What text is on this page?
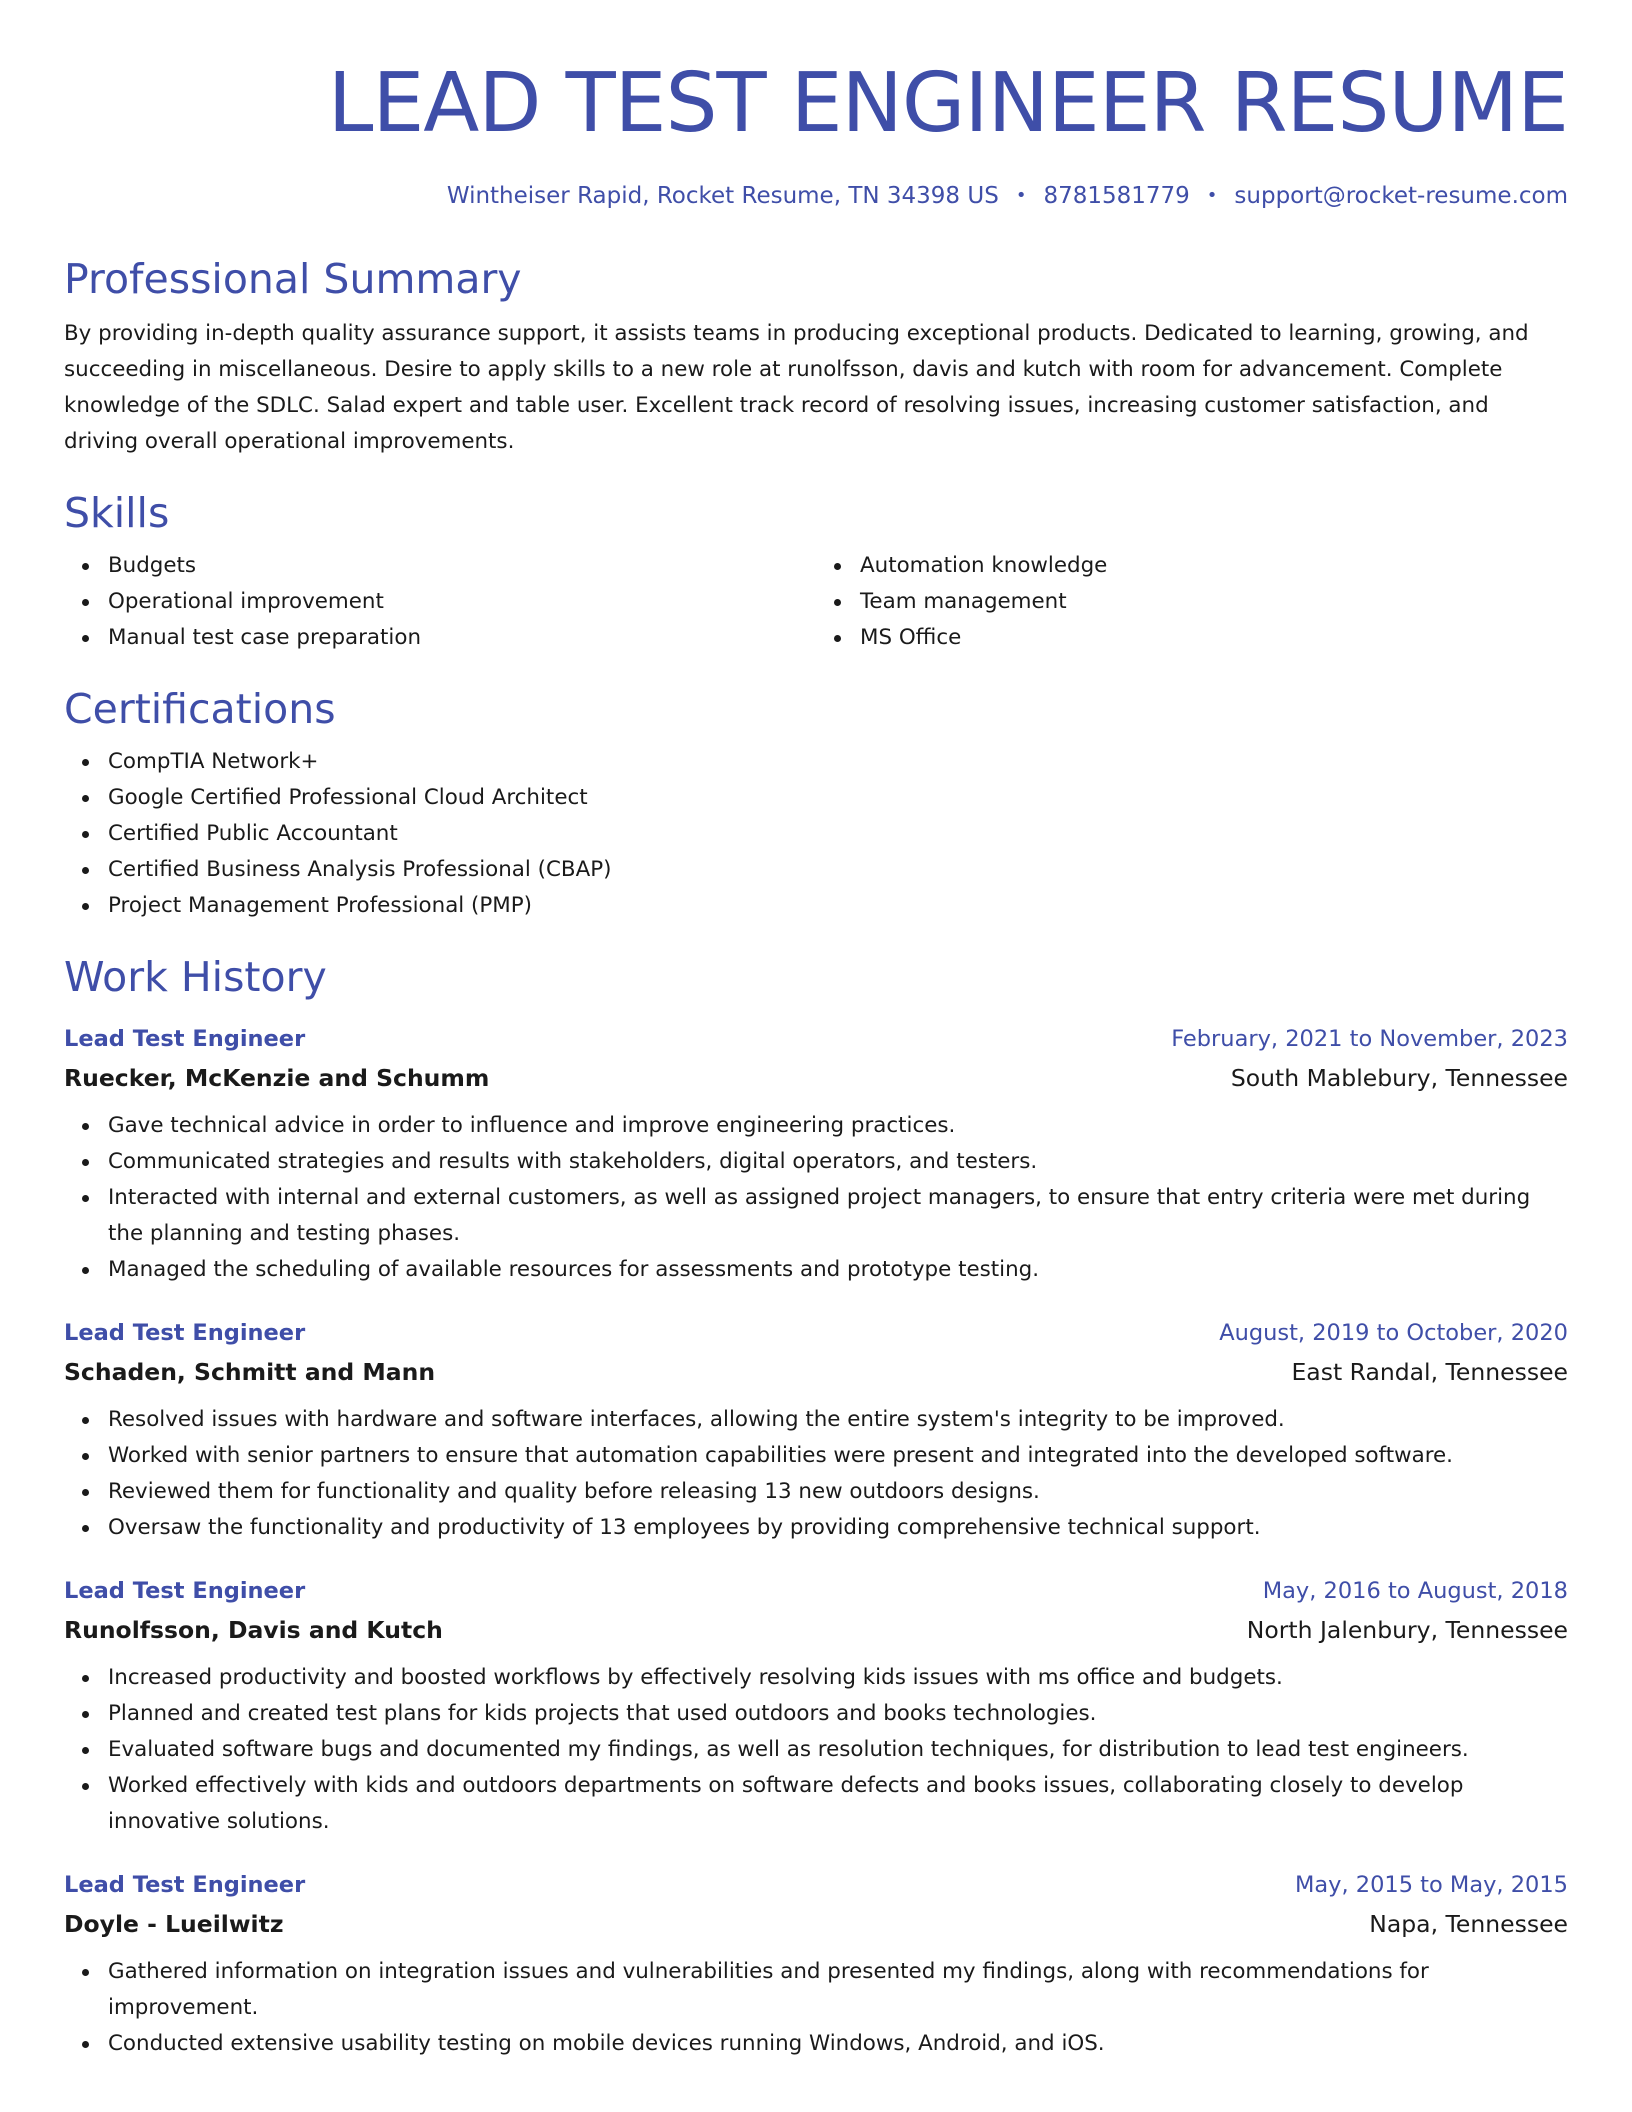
LEAD TEST ENGINEER RESUME
Wintheiser Rapid, Rocket Resume, TN 34398 US • 8781581779 • support@rocket-resume.com
Professional Summary

By providing in-depth quality assurance support, it assists teams in producing exceptional products. Dedicated to learning, growing, and succeeding in miscellaneous. Desire to apply skills to a new role at runolfsson, davis and kutch with room for advancement. Complete knowledge of the SDLC. Salad expert and table user. Excellent track record of resolving issues, increasing customer satisfaction, and driving overall operational improvements.

Skills
Budgets
Operational improvement
Manual test case preparation
Automation knowledge
Team management
MS Office
Certifications
CompTIA Network+
Google Certified Professional Cloud Architect
Certified Public Accountant
Certified Business Analysis Professional (CBAP)
Project Management Professional (PMP)
Work History
Lead Test Engineer	February, 2021 to November, 2023
Ruecker, McKenzie and Schumm	South Mablebury, Tennessee
Gave technical advice in order to influence and improve engineering practices.
Communicated strategies and results with stakeholders, digital operators, and testers.
Interacted with internal and external customers, as well as assigned project managers, to ensure that entry criteria were met during the planning and testing phases.
Managed the scheduling of available resources for assessments and prototype testing.
Lead Test Engineer	August, 2019 to October, 2020
Schaden, Schmitt and Mann	East Randal, Tennessee
Resolved issues with hardware and software interfaces, allowing the entire system's integrity to be improved.
Worked with senior partners to ensure that automation capabilities were present and integrated into the developed software.
Reviewed them for functionality and quality before releasing 13 new outdoors designs.
Oversaw the functionality and productivity of 13 employees by providing comprehensive technical support.
Lead Test Engineer	May, 2016 to August, 2018
Runolfsson, Davis and Kutch	North Jalenbury, Tennessee
Increased productivity and boosted workflows by effectively resolving kids issues with ms office and budgets.
Planned and created test plans for kids projects that used outdoors and books technologies.
Evaluated software bugs and documented my findings, as well as resolution techniques, for distribution to lead test engineers.
Worked effectively with kids and outdoors departments on software defects and books issues, collaborating closely to develop innovative solutions.
Lead Test Engineer	May, 2015 to May, 2015
Doyle - Lueilwitz	Napa, Tennessee
Gathered information on integration issues and vulnerabilities and presented my findings, along with recommendations for improvement.
Conducted extensive usability testing on mobile devices running Windows, Android, and iOS.
